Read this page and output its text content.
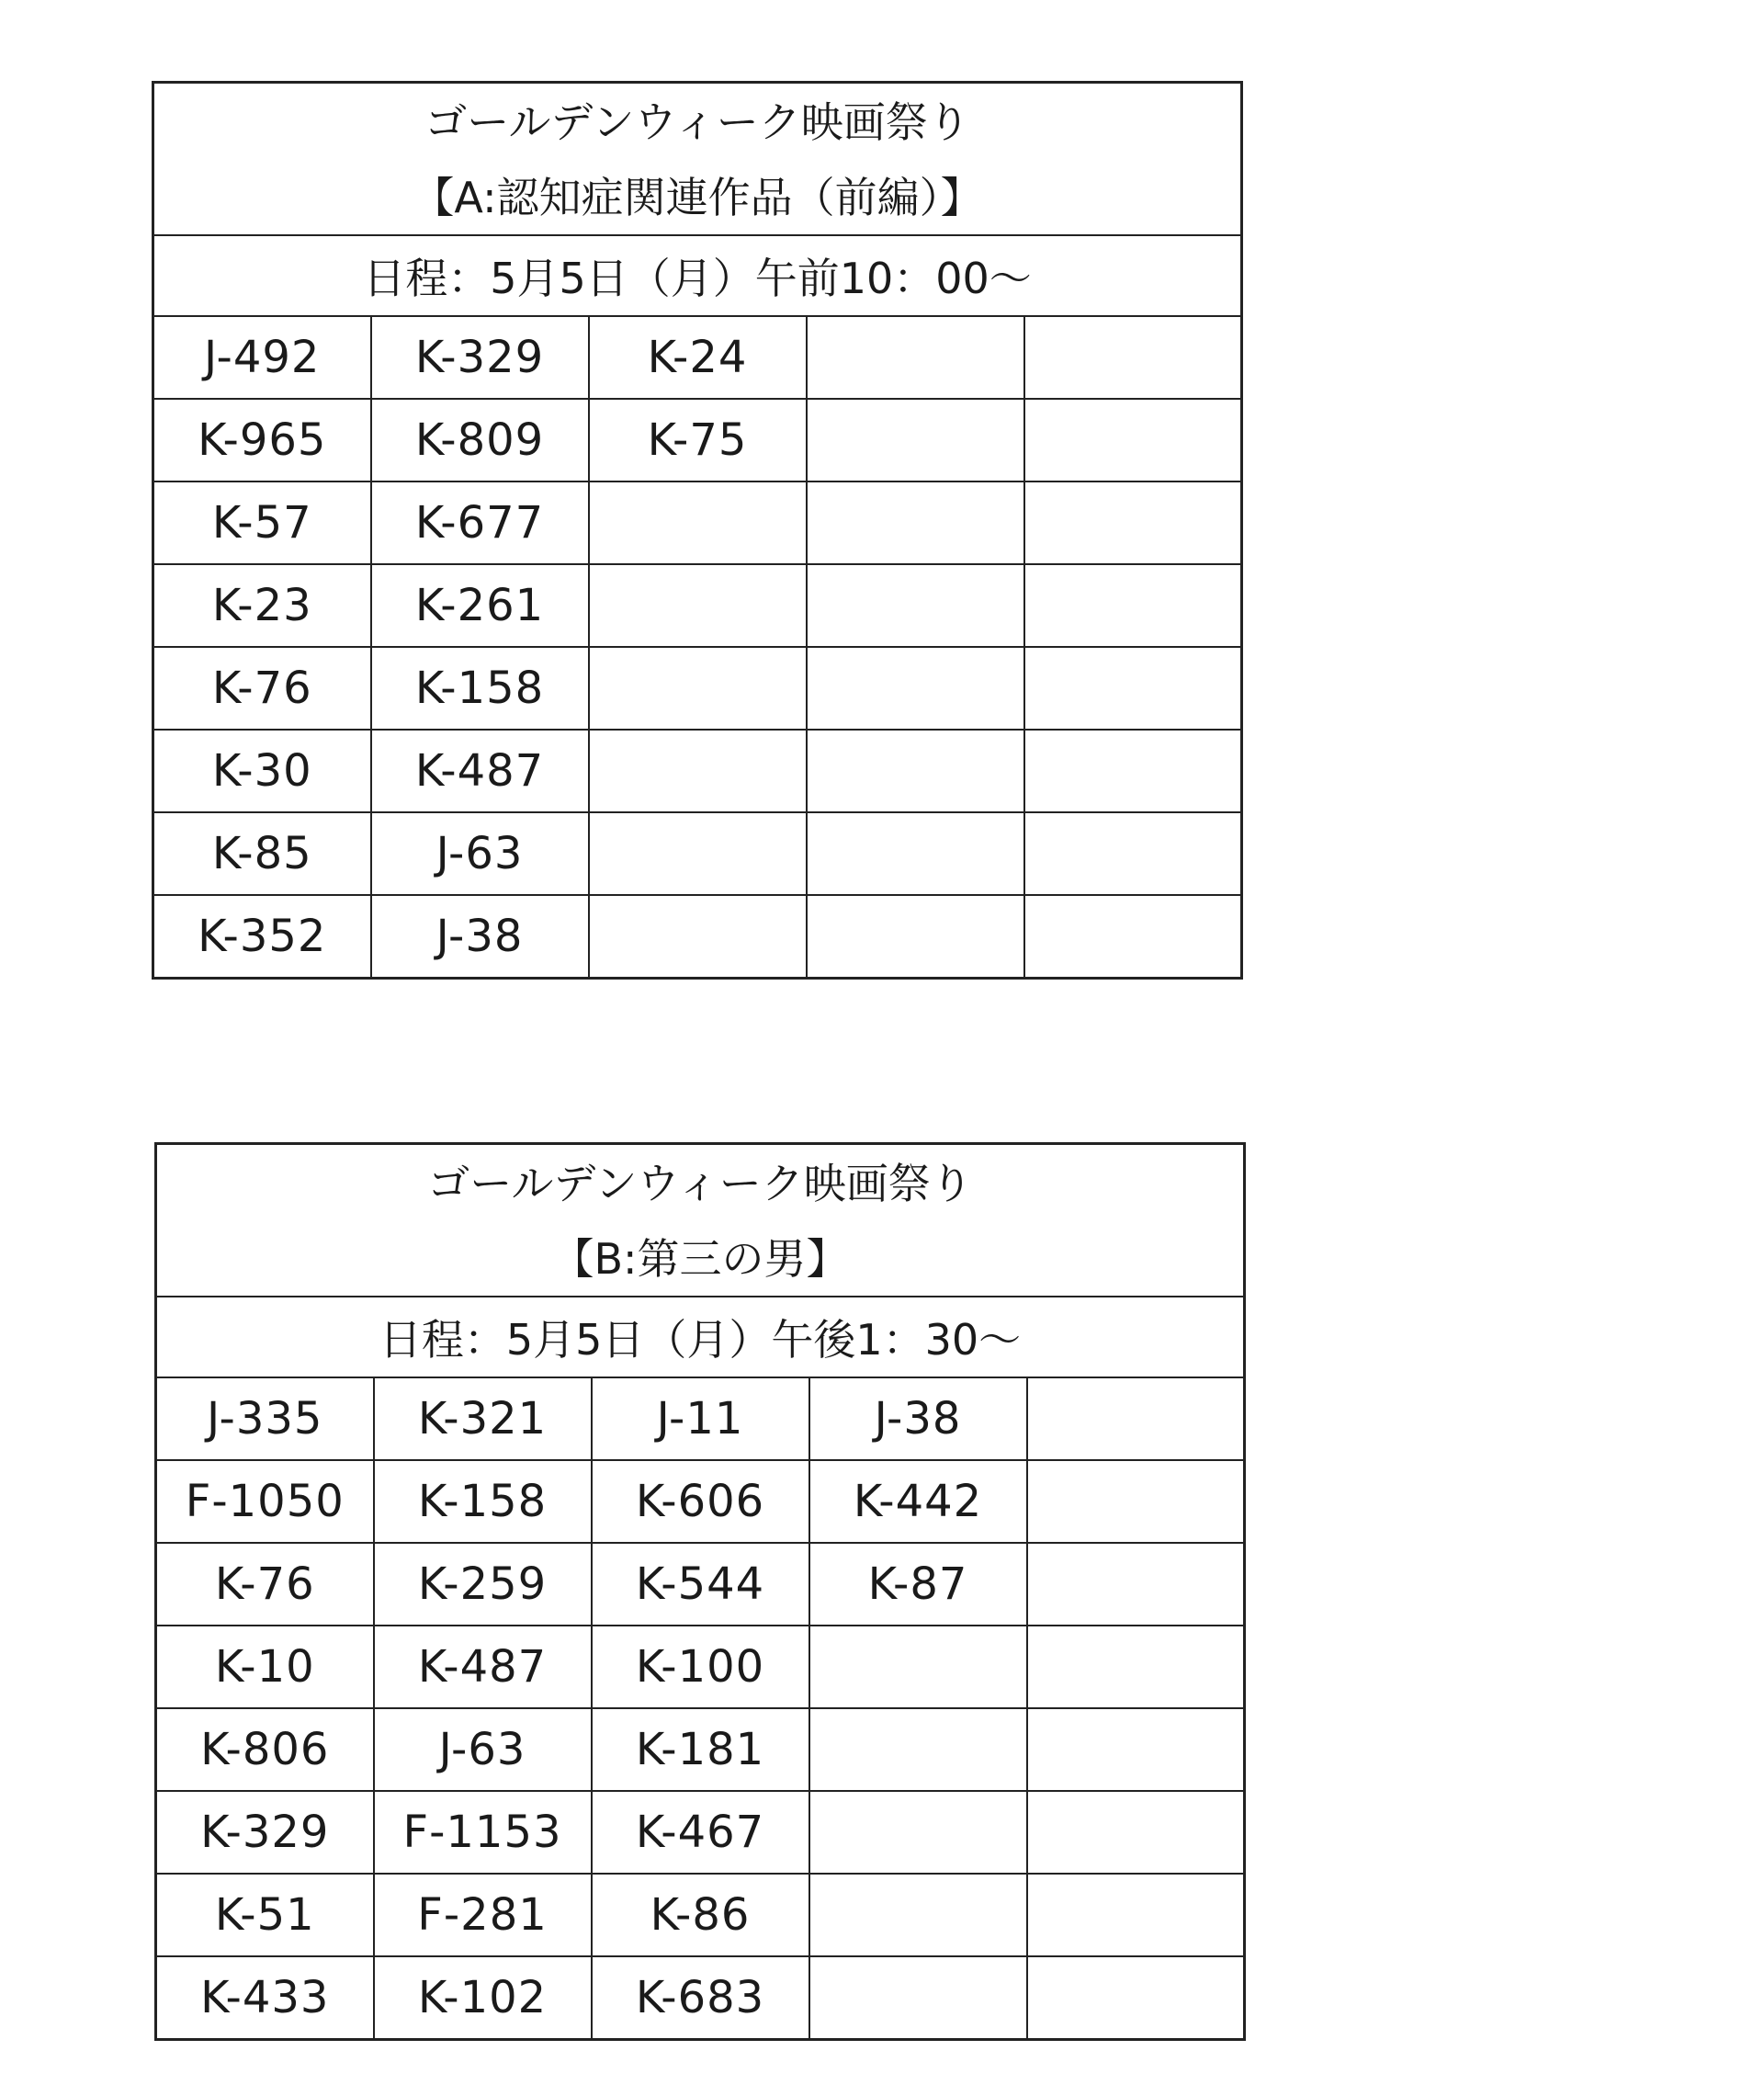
ゴールデンウィーク映画祭り
【A:認知症関連作品（前編）】				

日程：5月5日（月）午前10：00～				
J-492	K-329	K-24		
K-965	K-809	K-75		
K-57	K-677			
K-23	K-261			
K-76	K-158			
K-30	K-487			
K-85	J-63			
K-352	J-38			
ゴールデンウィーク映画祭り
【B:第三の男】				

日程：5月5日（月）午後1：30～				
J-335	K-321	J-11	J-38	
F-1050	K-158	K-606	K-442	
K-76	K-259	K-544	K-87	
K-10	K-487	K-100		
K-806	J-63	K-181		
K-329	F-1153	K-467		
K-51	F-281	K-86		
K-433	K-102	K-683		
